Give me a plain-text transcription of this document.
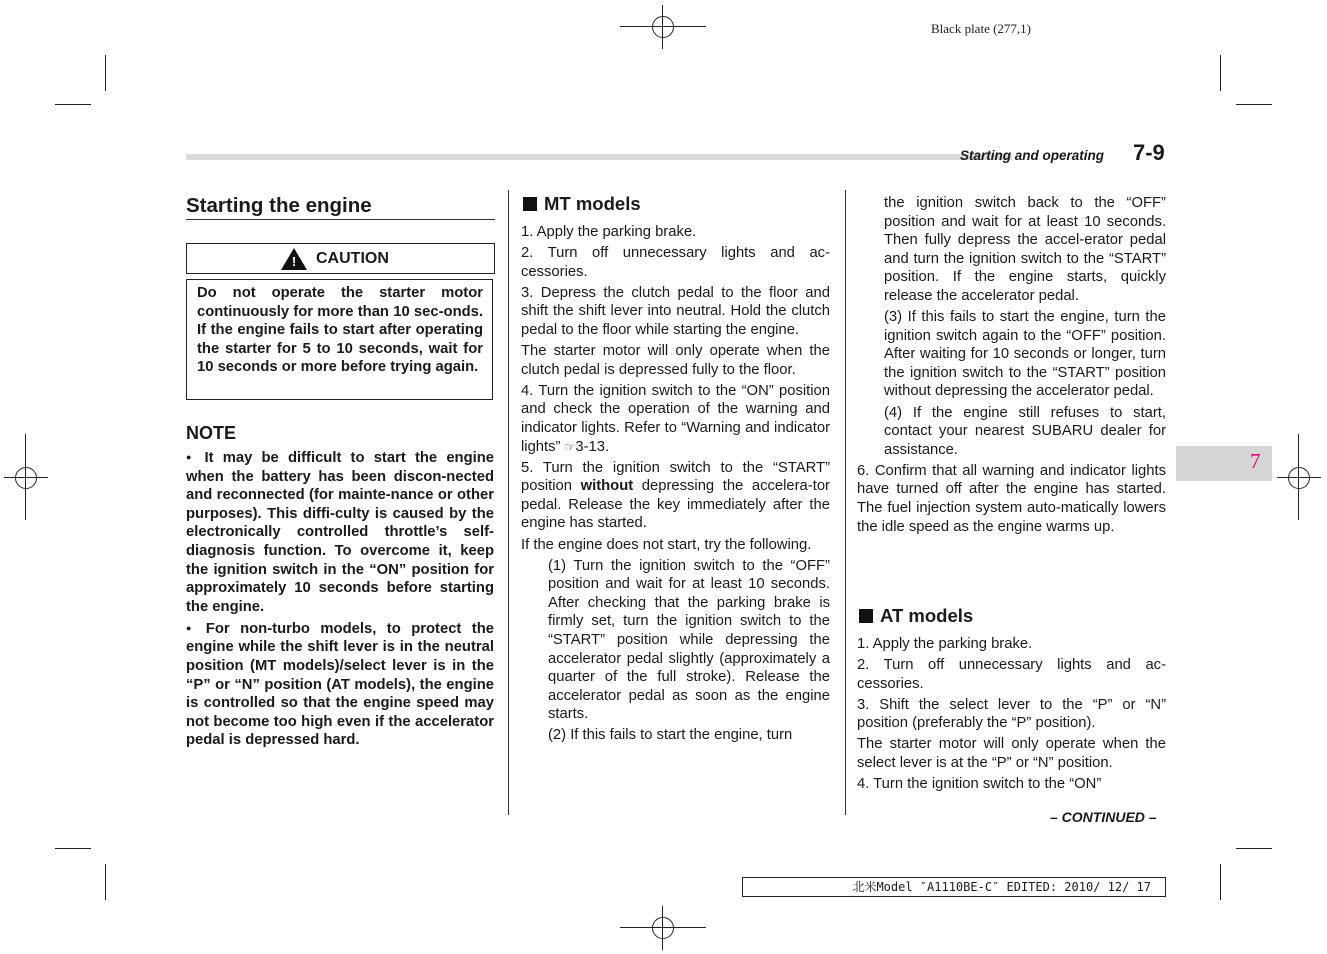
Black plate (277,1)
Starting and operating 7-9
Starting the engine
! CAUTION
Do not operate the starter motor continuously for more than 10 sec-onds. If the engine fails to start after operating the starter for 5 to 10 seconds, wait for 10 seconds or more before trying again.
NOTE

● It may be difficult to start the engine when the battery has been discon-nected and reconnected (for mainte-nance or other purposes). This diffi-culty is caused by the electronically controlled throttle’s self-diagnosis function. To overcome it, keep the ignition switch in the “ON” position for approximately 10 seconds before starting the engine.

● For non-turbo models, to protect the engine while the shift lever is in the neutral position (MT models)/select lever is in the “P” or “N” position (AT models), the engine is controlled so that the engine speed may not become too high even if the accelerator pedal is depressed hard.

MT models

1. Apply the parking brake.

2. Turn off unnecessary lights and ac-cessories.

3. Depress the clutch pedal to the floor and shift the shift lever into neutral. Hold the clutch pedal to the floor while starting the engine.

The starter motor will only operate when the clutch pedal is depressed fully to the floor.

4. Turn the ignition switch to the “ON” position and check the operation of the warning and indicator lights. Refer to “Warning and indicator lights” ☞3-13.

5. Turn the ignition switch to the “START” position without depressing the accelera-tor pedal. Release the key immediately after the engine has started.

If the engine does not start, try the following.

(1) Turn the ignition switch to the “OFF” position and wait for at least 10 seconds. After checking that the parking brake is firmly set, turn the ignition switch to the “START” position while depressing the accelerator pedal slightly (approximately a quarter of the full stroke). Release the accelerator pedal as soon as the engine starts.

(2) If this fails to start the engine, turn

the ignition switch back to the “OFF” position and wait for at least 10 seconds. Then fully depress the accel-erator pedal and turn the ignition switch to the “START” position. If the engine starts, quickly release the accelerator pedal.

(3) If this fails to start the engine, turn the ignition switch again to the “OFF” position. After waiting for 10 seconds or longer, turn the ignition switch to the “START” position without depressing the accelerator pedal.

(4) If the engine still refuses to start, contact your nearest SUBARU dealer for assistance.

6. Confirm that all warning and indicator lights have turned off after the engine has started. The fuel injection system auto-matically lowers the idle speed as the engine warms up.

AT models

1. Apply the parking brake.

2. Turn off unnecessary lights and ac-cessories.

3. Shift the select lever to the “P” or “N” position (preferably the “P” position).

The starter motor will only operate when the select lever is at the “P” or “N” position.

4. Turn the ignition switch to the “ON”

7
– CONTINUED –
北米Model ″A1110BE-C″ EDITED: 2010/ 12/ 17
